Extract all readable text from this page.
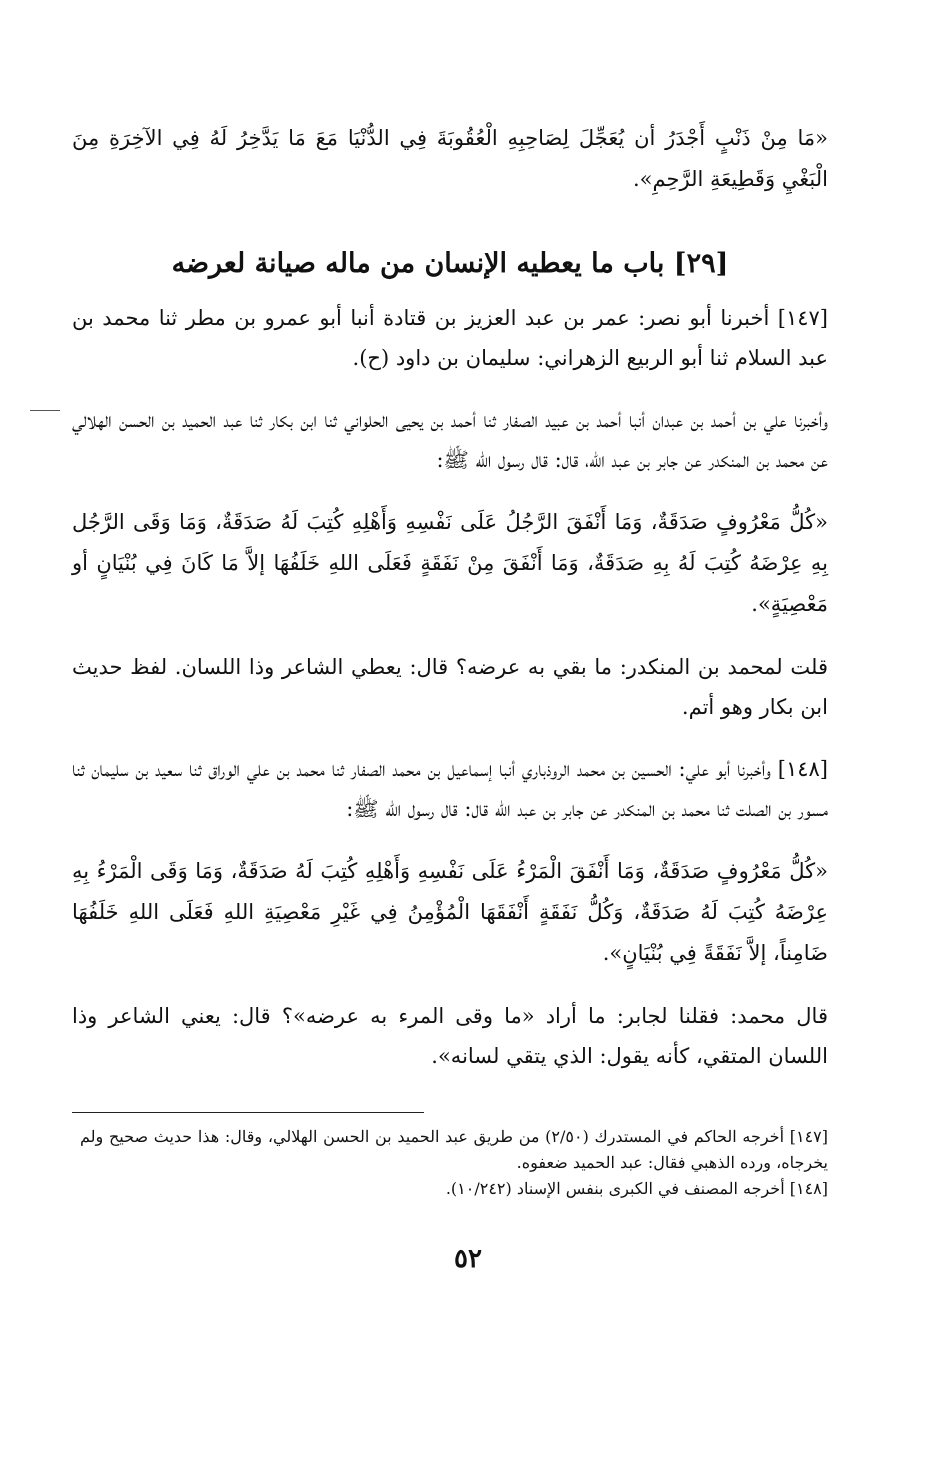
«مَا مِنْ ذَنْبٍ أَجْدَرُ أن يُعَجِّلَ لِصَاحِبِهِ الْعُقُوبَةَ فِي الدُّنْيَا مَعَ مَا يَدَّخِرُ لَهُ فِي الآخِرَةِ مِنَ الْبَغْيِ وَقَطِيعَةِ الرَّحِمِ».

[٢٩] باب ما يعطيه الإنسان من ماله صيانة لعرضه

[١٤٧] أخبرنا أبو نصر: عمر بن عبد العزيز بن قتادة أنبا أبو عمرو بن مطر ثنا محمد بن عبد السلام ثنا أبو الربيع الزهراني: سليمان بن داود (ح).

وأخبرنا علي بن أحمد بن عبدان أنبا أحمد بن عبيد الصفار ثنا أحمد بن يحيى الحلواني ثنا ابن بكار ثنا عبد الحميد بن الحسن الهلالي عن محمد بن المنكدر عن جابر بن عبد الله، قال: قال رسول الله ﷺ:

«كُلُّ مَعْرُوفٍ صَدَقَةٌ، وَمَا أَنْفَقَ الرَّجُلُ عَلَى نَفْسِهِ وَأَهْلِهِ كُتِبَ لَهُ صَدَقَةٌ، وَمَا وَقَى الرَّجُل بِهِ عِرْضَهُ كُتِبَ لَهُ بِهِ صَدَقَةٌ، وَمَا أَنْفَقَ مِنْ نَفَقَةٍ فَعَلَى اللهِ خَلَفُهَا إلاَّ مَا كَانَ فِي بُنْيَانٍ أو مَعْصِيَةٍ».

قلت لمحمد بن المنكدر: ما بقي به عرضه؟ قال: يعطي الشاعر وذا اللسان. لفظ حديث ابن بكار وهو أتم.

[١٤٨] وأخبرنا أبو علي: الحسين بن محمد الروذباري أنبا إسماعيل بن محمد الصفار ثنا محمد بن علي الوراق ثنا سعيد بن سليمان ثنا مسور بن الصلت ثنا محمد بن المنكدر عن جابر بن عبد الله قال: قال رسول الله ﷺ:

«كُلُّ مَعْرُوفٍ صَدَقَةٌ، وَمَا أَنْفَقَ الْمَرْءُ عَلَى نَفْسِهِ وَأَهْلِهِ كُتِبَ لَهُ صَدَقَةٌ، وَمَا وَقَى الْمَرْءُ بِهِ عِرْضَهُ كُتِبَ لَهُ صَدَقَةٌ، وَكُلُّ نَفَقَةٍ أَنْفَقَهَا الْمُؤْمِنُ فِي غَيْرِ مَعْصِيَةِ اللهِ فَعَلَى اللهِ خَلَفُهَا ضَامِناً، إلاَّ نَفَقَةً فِي بُنْيَانٍ».

قال محمد: فقلنا لجابر: ما أراد «ما وقى المرء به عرضه»؟ قال: يعني الشاعر وذا اللسان المتقي، كأنه يقول: الذي يتقي لسانه».

[١٤٧] أخرجه الحاكم في المستدرك (٢/٥٠) من طريق عبد الحميد بن الحسن الهلالي، وقال: هذا حديث صحيح ولم يخرجاه، ورده الذهبي فقال: عبد الحميد ضعفوه.

[١٤٨] أخرجه المصنف في الكبرى بنفس الإسناد (١٠/٢٤٢).

٥٢
